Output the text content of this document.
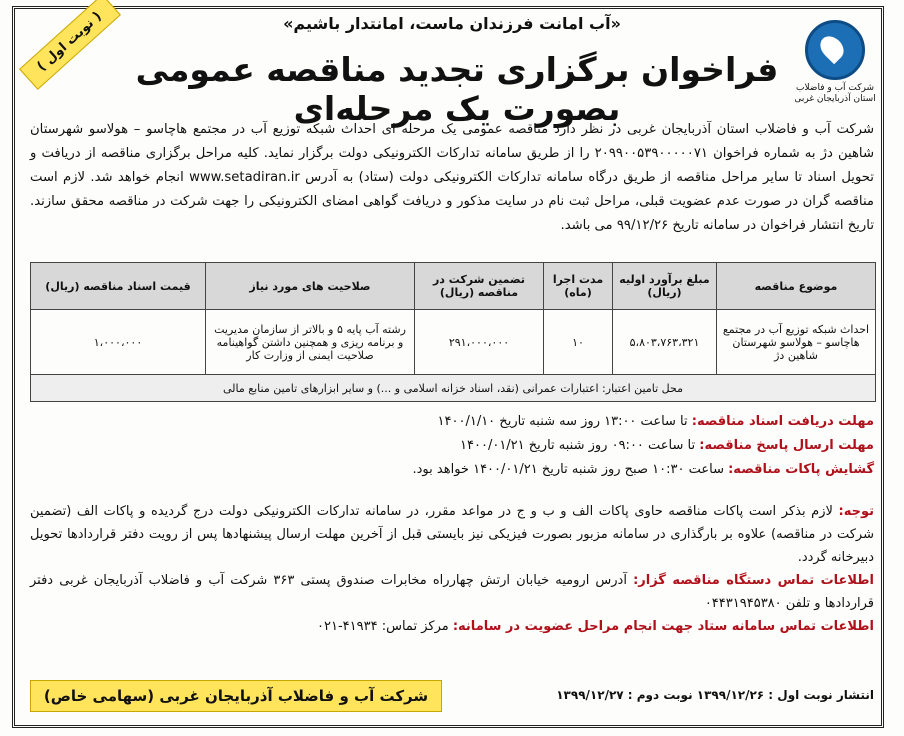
( نوبت اول )
شرکت آب و فاضلاب استان آذربایجان غربی
«آب امانت فرزندان ماست، امانتدار باشیم»
فراخوان برگزاری تجدید مناقصه عمومی بصورت یک مرحله‌ای
شرکت آب و فاضلاب استان آذربایجان غربی در نظر دارد مناقصه عمومی یک مرحله ای احداث شبکه توزیع آب در مجتمع هاچاسو – هولاسو شهرستان شاهین دژ به شماره فراخوان ۲۰۹۹۰۰۵۳۹۰۰۰۰۰۷۱ را از طریق سامانه تدارکات الکترونیکی دولت برگزار نماید. کلیه مراحل برگزاری مناقصه از دریافت و تحویل اسناد تا سایر مراحل مناقصه از طریق درگاه سامانه تدارکات الکترونیکی دولت (ستاد) به آدرس www.setadiran.ir انجام خواهد شد. لازم است مناقصه گران در صورت عدم عضویت قبلی، مراحل ثبت نام در سایت مذکور و دریافت گواهی امضای الکترونیکی را جهت شرکت در مناقصه محقق سازند. تاریخ انتشار فراخوان در سامانه تاریخ ۹۹/۱۲/۲۶ می باشد.
موضوع مناقصه	مبلغ برآورد اولیه (ریال)	مدت اجرا (ماه)	تضمین شرکت در مناقصه (ریال)	صلاحیت های مورد نیاز	قیمت اسناد مناقصه (ریال)
احداث شبکه توزیع آب در مجتمع هاچاسو – هولاسو شهرستان شاهین دژ	۵،۸۰۳،۷۶۳،۳۲۱	۱۰	۲۹۱،۰۰۰،۰۰۰	رشته آب پایه ۵ و بالاتر از سازمان مدیریت و برنامه ریزی و همچنین داشتن گواهینامه صلاحیت ایمنی از وزارت کار	۱،۰۰۰،۰۰۰
محل تامین اعتبار: اعتبارات عمرانی (نقد، اسناد خزانه اسلامی و ...) و سایر ابزارهای تامین منابع مالی					
مهلت دریافت اسناد مناقصه: تا ساعت ۱۳:۰۰ روز سه شنبه تاریخ ۱۴۰۰/۱/۱۰
مهلت ارسال پاسخ مناقصه: تا ساعت ۰۹:۰۰ روز شنبه تاریخ ۱۴۰۰/۰۱/۲۱
گشایش پاکات مناقصه: ساعت ۱۰:۳۰ صبح روز شنبه تاریخ ۱۴۰۰/۰۱/۲۱ خواهد بود.
توجه: لازم بذکر است پاکات مناقصه حاوی پاکات الف و ب و ج در مواعد مقرر، در سامانه تدارکات الکترونیکی دولت درج گردیده و پاکات الف (تضمین شرکت در مناقصه) علاوه بر بارگذاری در سامانه مزبور بصورت فیزیکی نیز بایستی قبل از آخرین مهلت ارسال پیشنهادها پس از رویت دفتر قراردادها تحویل دبیرخانه گردد.
اطلاعات تماس دستگاه مناقصه گزار: آدرس ارومیه خیابان ارتش چهارراه مخابرات صندوق پستی ۳۶۳ شرکت آب و فاضلاب آذربایجان غربی دفتر قراردادها و تلفن ۰۴۴۳۱۹۴۵۳۸۰
اطلاعات تماس سامانه ستاد جهت انجام مراحل عضویت در سامانه: مرکز تماس: ۴۱۹۳۴-۰۲۱
شرکت آب و فاضلاب آذربایجان غربی (سهامی خاص)	انتشار نوبت اول : ۱۳۹۹/۱۲/۲۶ نوبت دوم : ۱۳۹۹/۱۲/۲۷
